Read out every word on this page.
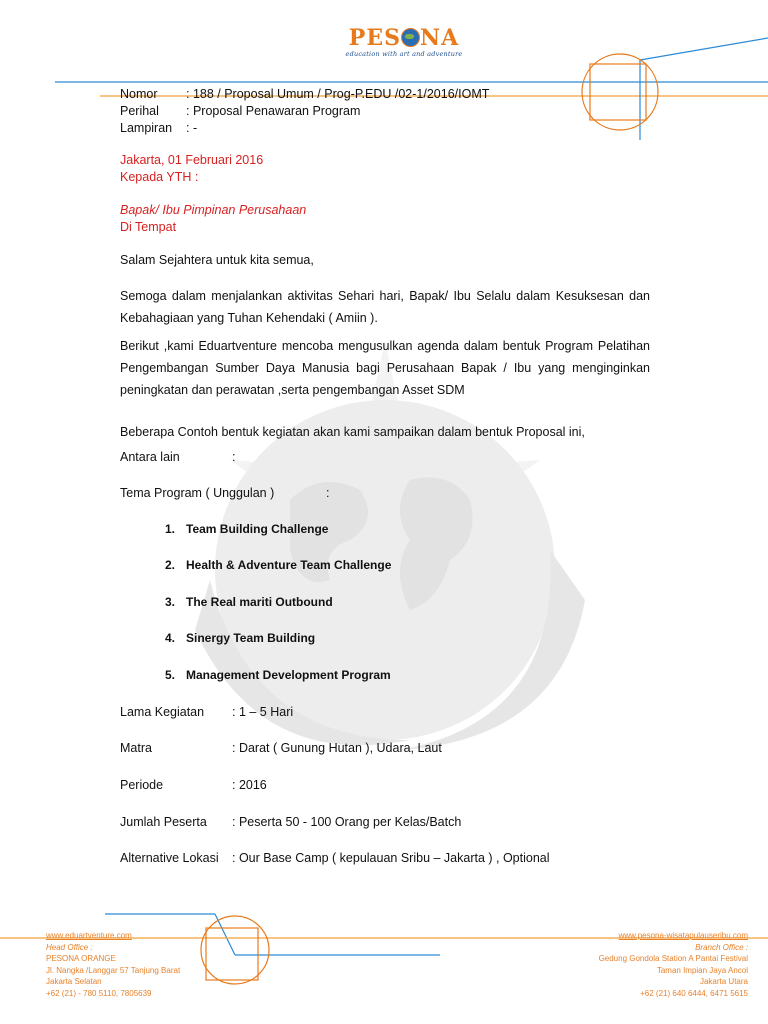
PES NA
education with art and adventure
Nomor : 188 / Proposal Umum / Prog-P.EDU /02-1/2016/IOMT
Perihal : Proposal Penawaran Program
Lampiran : -
Jakarta, 01 Februari 2016
Kepada YTH :
Bapak/ Ibu Pimpinan Perusahaan
Di Tempat
Salam Sejahtera untuk kita semua,
Semoga dalam menjalankan aktivitas Sehari hari, Bapak/ Ibu Selalu dalam Kesuksesan dan Kebahagiaan yang Tuhan Kehendaki ( Amiin ).
Berikut ,kami Eduartventure mencoba mengusulkan agenda dalam bentuk Program Pelatihan Pengembangan Sumber Daya Manusia bagi Perusahaan Bapak / Ibu yang menginginkan peningkatan dan perawatan ,serta pengembangan Asset SDM
Beberapa Contoh bentuk kegiatan akan kami sampaikan dalam bentuk Proposal ini,
Antara lain	:
Tema Program ( Unggulan )	:
1. Team Building Challenge
2. Health & Adventure Team Challenge
3. The Real mariti Outbound
4. Sinergy Team Building
5. Management Development Program
Lama Kegiatan : 1 – 5 Hari
Matra	: Darat ( Gunung Hutan ), Udara, Laut
Periode	: 2016
Jumlah Peserta : Peserta 50 - 100 Orang per Kelas/Batch
Alternative Lokasi : Our Base Camp ( kepulauan Sribu – Jakarta ) , Optional
www.eduartventure.com
Head Office :
PESONA ORANGE
Jl. Nangka /Langgar 57 Tanjung Barat
Jakarta Selatan
+62 (21) - 780 5110, 7805639
www.pesona-wisatapulauseribu.com
Branch Office :
Gedung Gondola Station A Pantai Festival
Taman Impian Jaya Ancol
Jakarta Utara
+62 (21) 640 6444, 6471 5615
